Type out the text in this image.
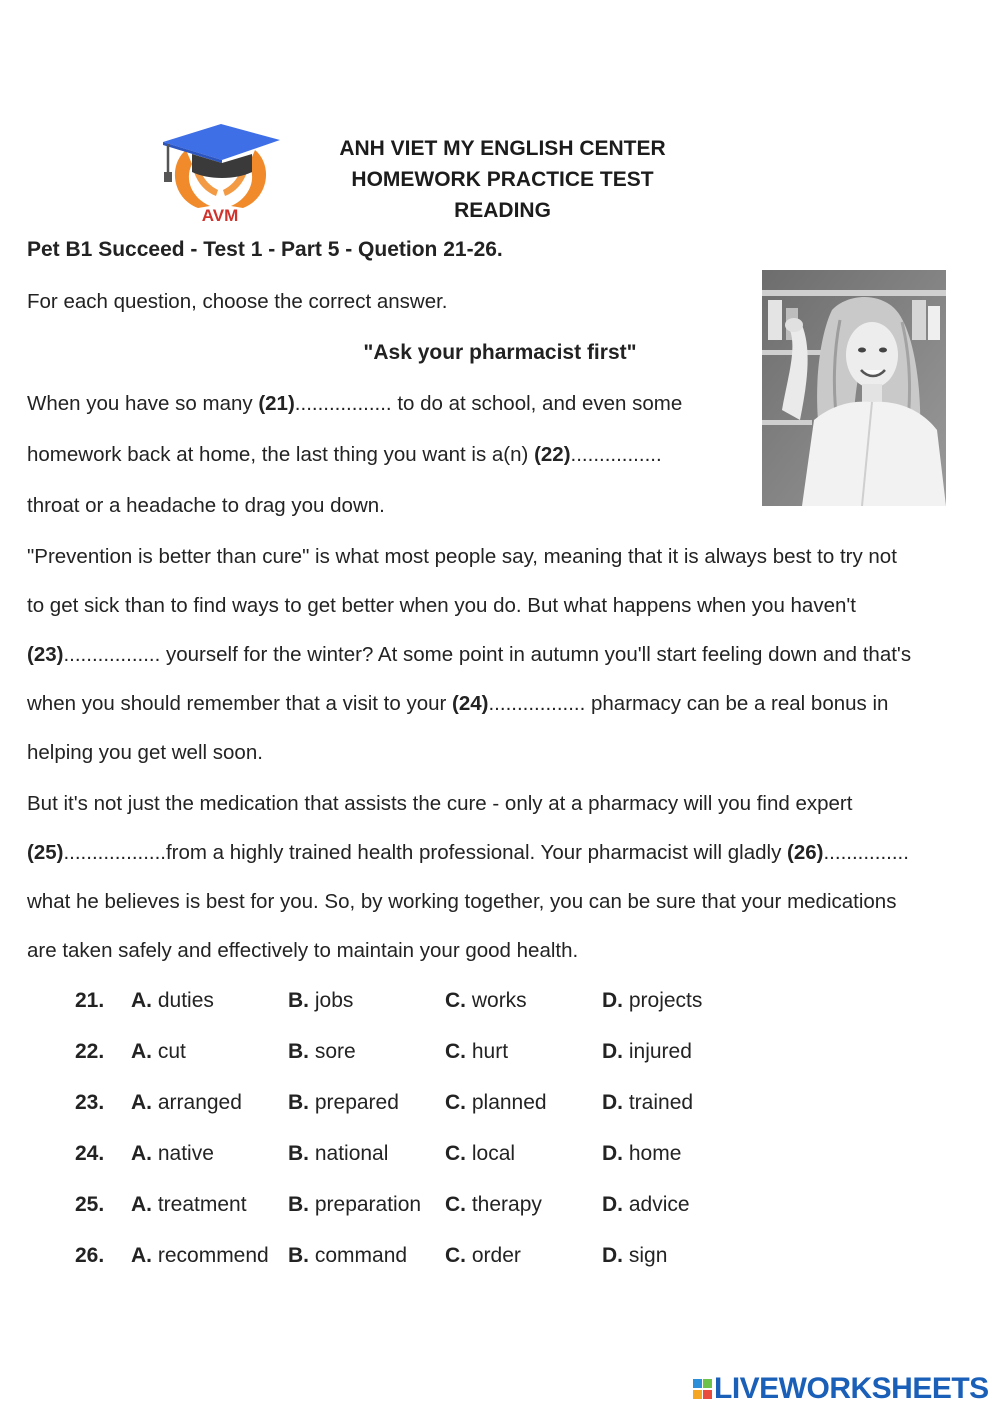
AVM
ANH VIET MY ENGLISH CENTER
HOMEWORK PRACTICE TEST
READING
Pet B1 Succeed - Test 1 - Part 5 - Quetion 21-26.
For each question, choose the correct answer.
"Ask your pharmacist first"
When you have so many (21)................. to do at school, and even some
homework back at home, the last thing you want is a(n) (22)................
throat or a headache to drag you down.
"Prevention is better than cure" is what most people say, meaning that it is always best to try not
to get sick than to find ways to get better when you do. But what happens when you haven't
(23)................. yourself for the winter? At some point in autumn you'll start feeling down and that's
when you should remember that a visit to your (24)................. pharmacy can be a real bonus in
helping you get well soon.
But it's not just the medication that assists the cure - only at a pharmacy will you find expert
(25)..................from a highly trained health professional. Your pharmacist will gladly (26)...............
what he believes is best for you. So, by working together, you can be sure that your medications
are taken safely and effectively to maintain your good health.
21. A. duties	B. jobs	C. works	D. projects
22. A. cut	B. sore	C. hurt	D. injured
23. A. arranged B. prepared C. planned	D. trained
24. A. native	B. national	C. local	D. home
25. A. treatment B. preparation C. therapy	D. advice
26. A. recommend B. command C. order	D. sign
LIVEWORKSHEETS
